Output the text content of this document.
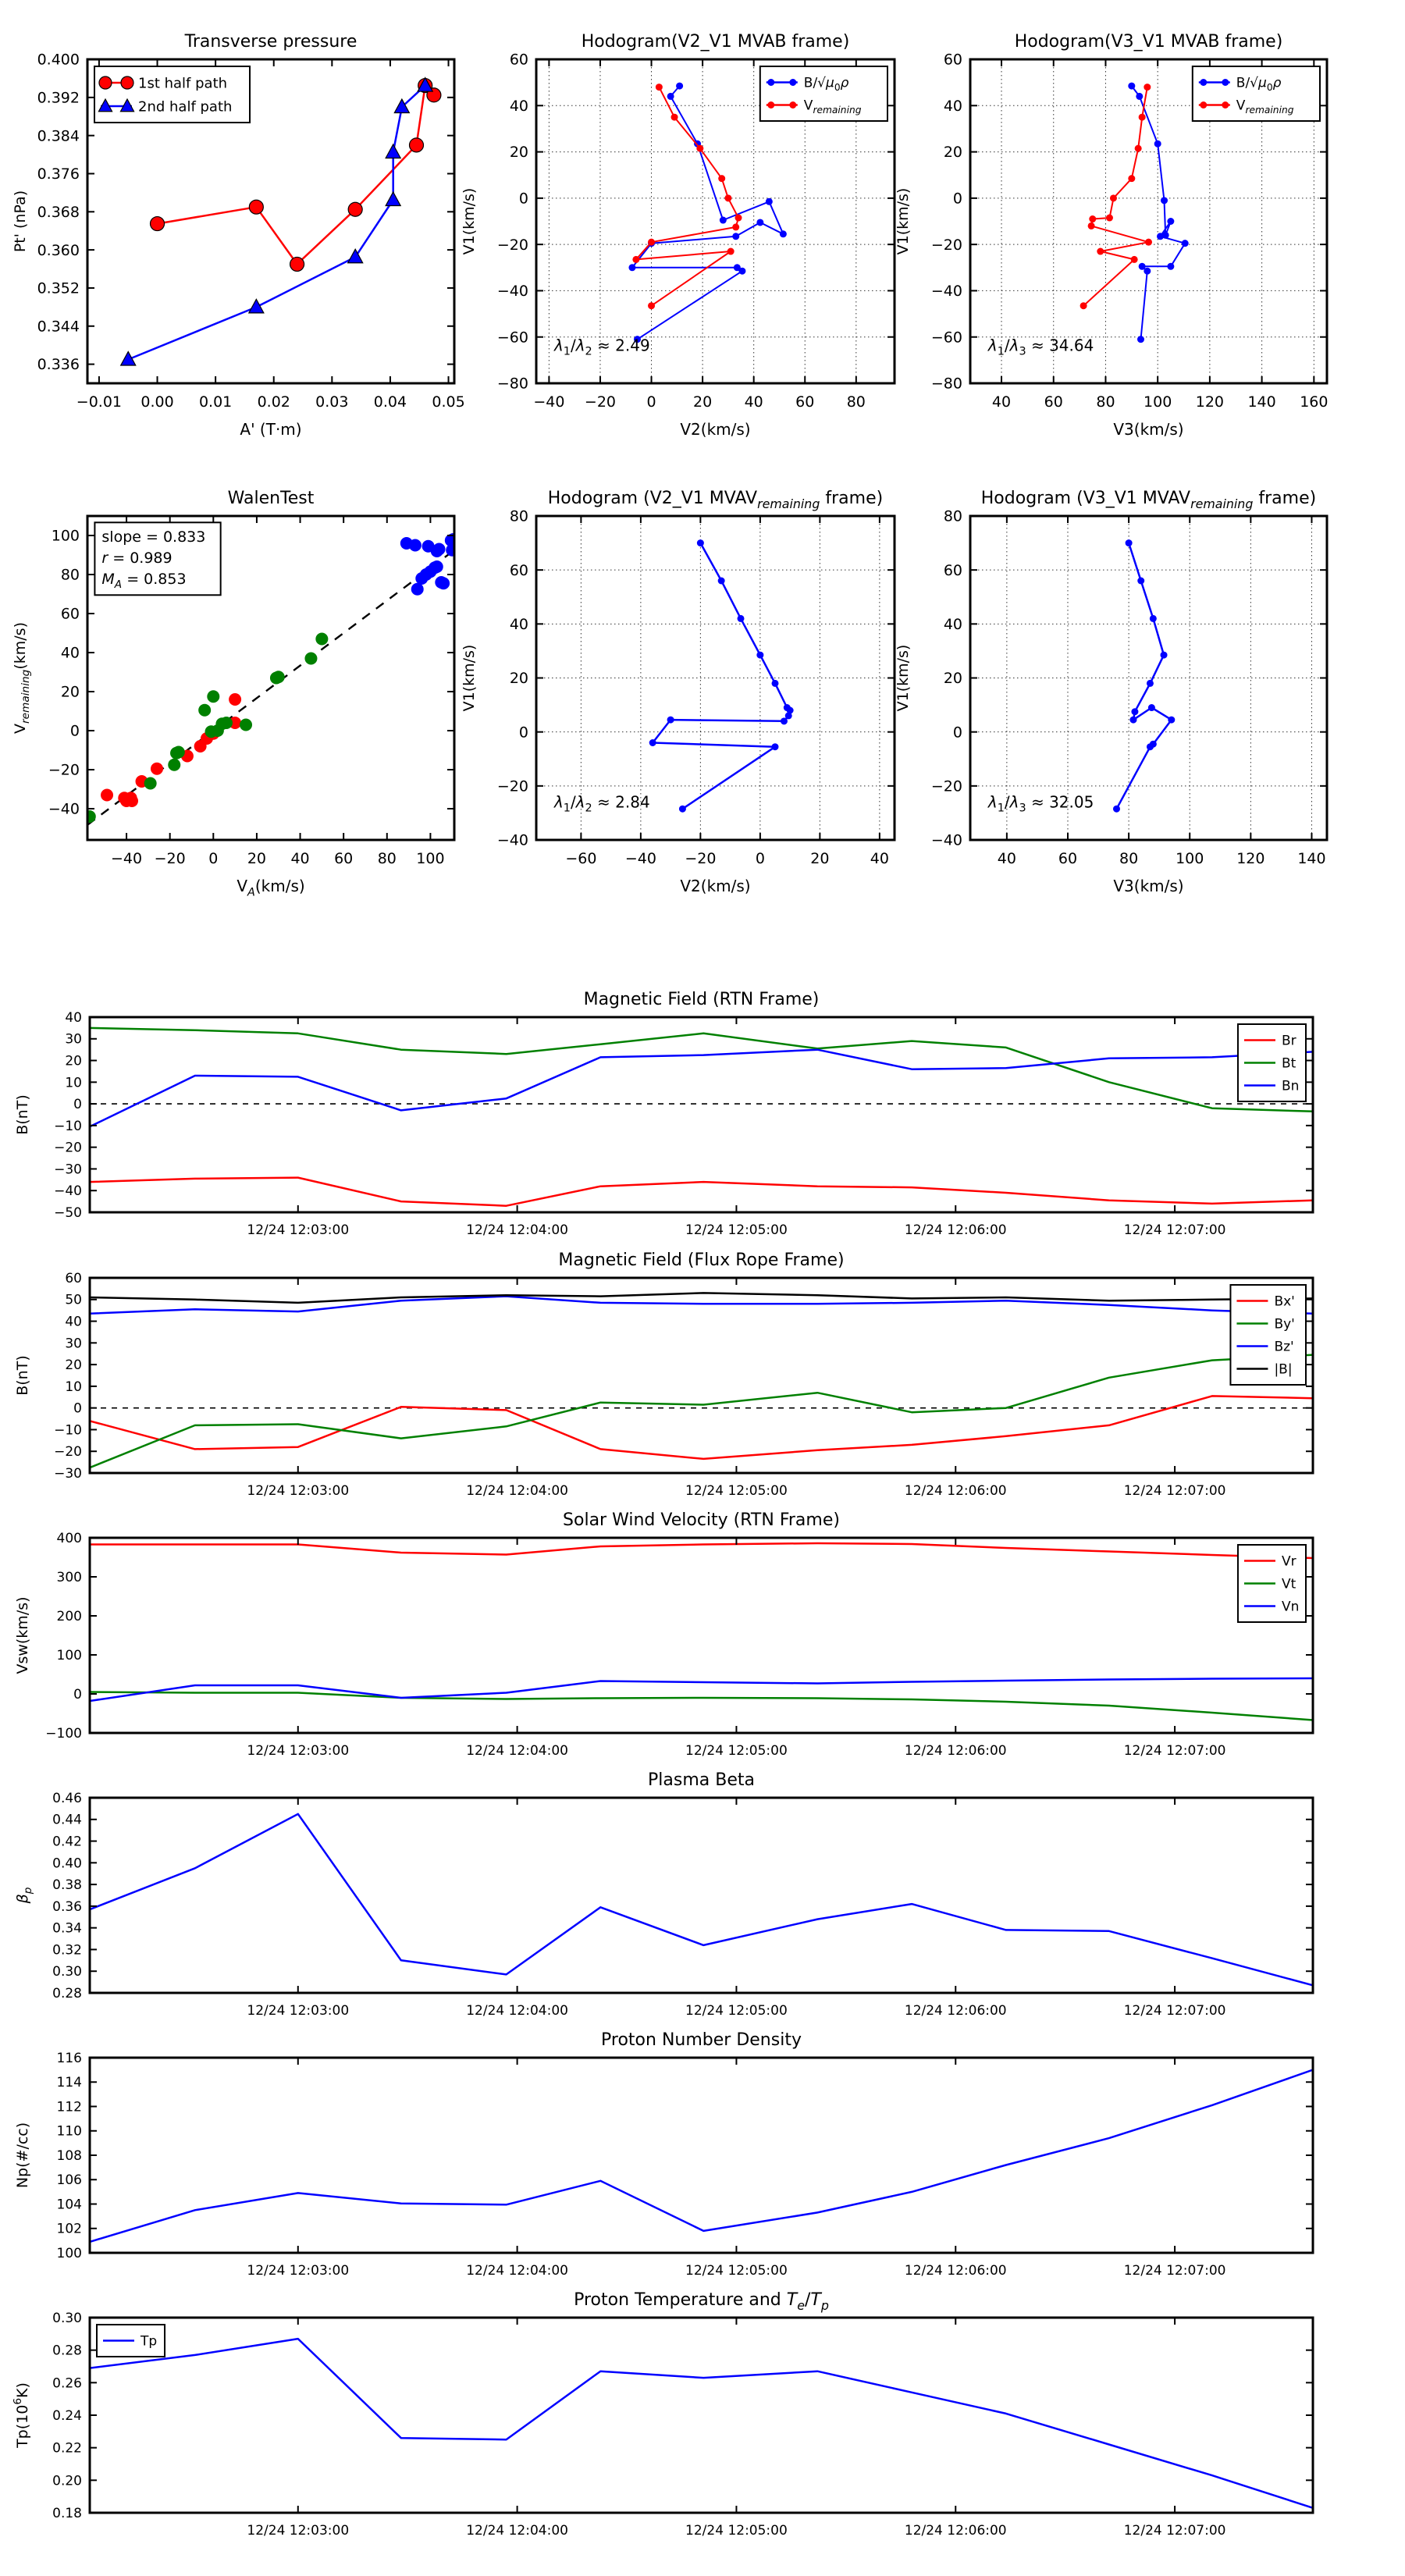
−0.01 0.00 0.01 0.02 0.03 0.04 0.05
0.336
0.344
0.352
0.360
0.368
0.376
0.384
0.392
0.400
Transverse pressure
A' (T·m)
Pt' (nPa)
1st half path
2nd half path
−40 −20 0 20 40 60 80
−80
−60
−40
−20
0
20
40
60
Hodogram(V2_V1 MVAB frame)
V2(km/s)
V1(km/s)
$B/√\mu_0\rho$
$V_{remaining}$
$\lambda_1/\lambda_2 \approx 2.49$
40 60 80 100 120 140 160
−80
−60
−40
−20
0
20
40
60
Hodogram(V3_V1 MVAB frame)
V3(km/s)
V1(km/s)
$B/√\mu_0\rho$
$V_{remaining}$
$\lambda_1/\lambda_3 \approx 34.64$
−40 −20 0 20 40 60 80 100
−40
−20
0
20
40
60
80
100
WalenTest
$V_A(km/s)$
$V_{remaining}(km/s)$
slope = 0.833
r = 0.989
$M_A = 0.853$
−60 −40 −20	0	20	40
−40
−20
0
20
40
60
80
Hodogram (V2_V1 $MVAV_{remaining}$ frame)
V2(km/s)
V1(km/s)
$\lambda_1/\lambda_2 \approx 2.84$
40	60	80	100 120 140
−40
−20
0
20
40
60
80
Hodogram (V3_V1 $MVAV_{remaining}$ frame)
V3(km/s)
V1(km/s)
$\lambda_1/\lambda_3 \approx 32.05$
12/24 12:03:00	12/24 12:04:00	12/24 12:05:00	12/24 12:06:00	12/24 12:07:00
−50
−40
−30
−20
−10
0
10
20
30
40
Magnetic Field (RTN Frame)
B(nT)
Br
Bt
Bn
12/24 12:03:00	12/24 12:04:00	12/24 12:05:00	12/24 12:06:00	12/24 12:07:00
−30
−20
−10
0
10
20
30
40
50
60
Magnetic Field (Flux Rope Frame)
B(nT)
Bx'
By'
Bz'
|B|
12/24 12:03:00	12/24 12:04:00	12/24 12:05:00	12/24 12:06:00	12/24 12:07:00
−100
0
100
200
300
400
Solar Wind Velocity (RTN Frame)
Vsw(km/s)
Vr
Vt
Vn
12/24 12:03:00	12/24 12:04:00	12/24 12:05:00	12/24 12:06:00	12/24 12:07:00
0.28
0.30
0.32
0.34
0.36
0.38
0.40
0.42
0.44
0.46
Plasma Beta
$\beta_p$
12/24 12:03:00	12/24 12:04:00	12/24 12:05:00	12/24 12:06:00	12/24 12:07:00
100
102
104
106
108
110
112
114
116
Proton Number Density
Np(#/cc)
12/24 12:03:00	12/24 12:04:00	12/24 12:05:00	12/24 12:06:00	12/24 12:07:00
0.18
0.20
0.22
0.24
0.26
0.28
0.30
Proton Temperature and $T_e/T_p$
$Tp(10^6K)$
Tp
